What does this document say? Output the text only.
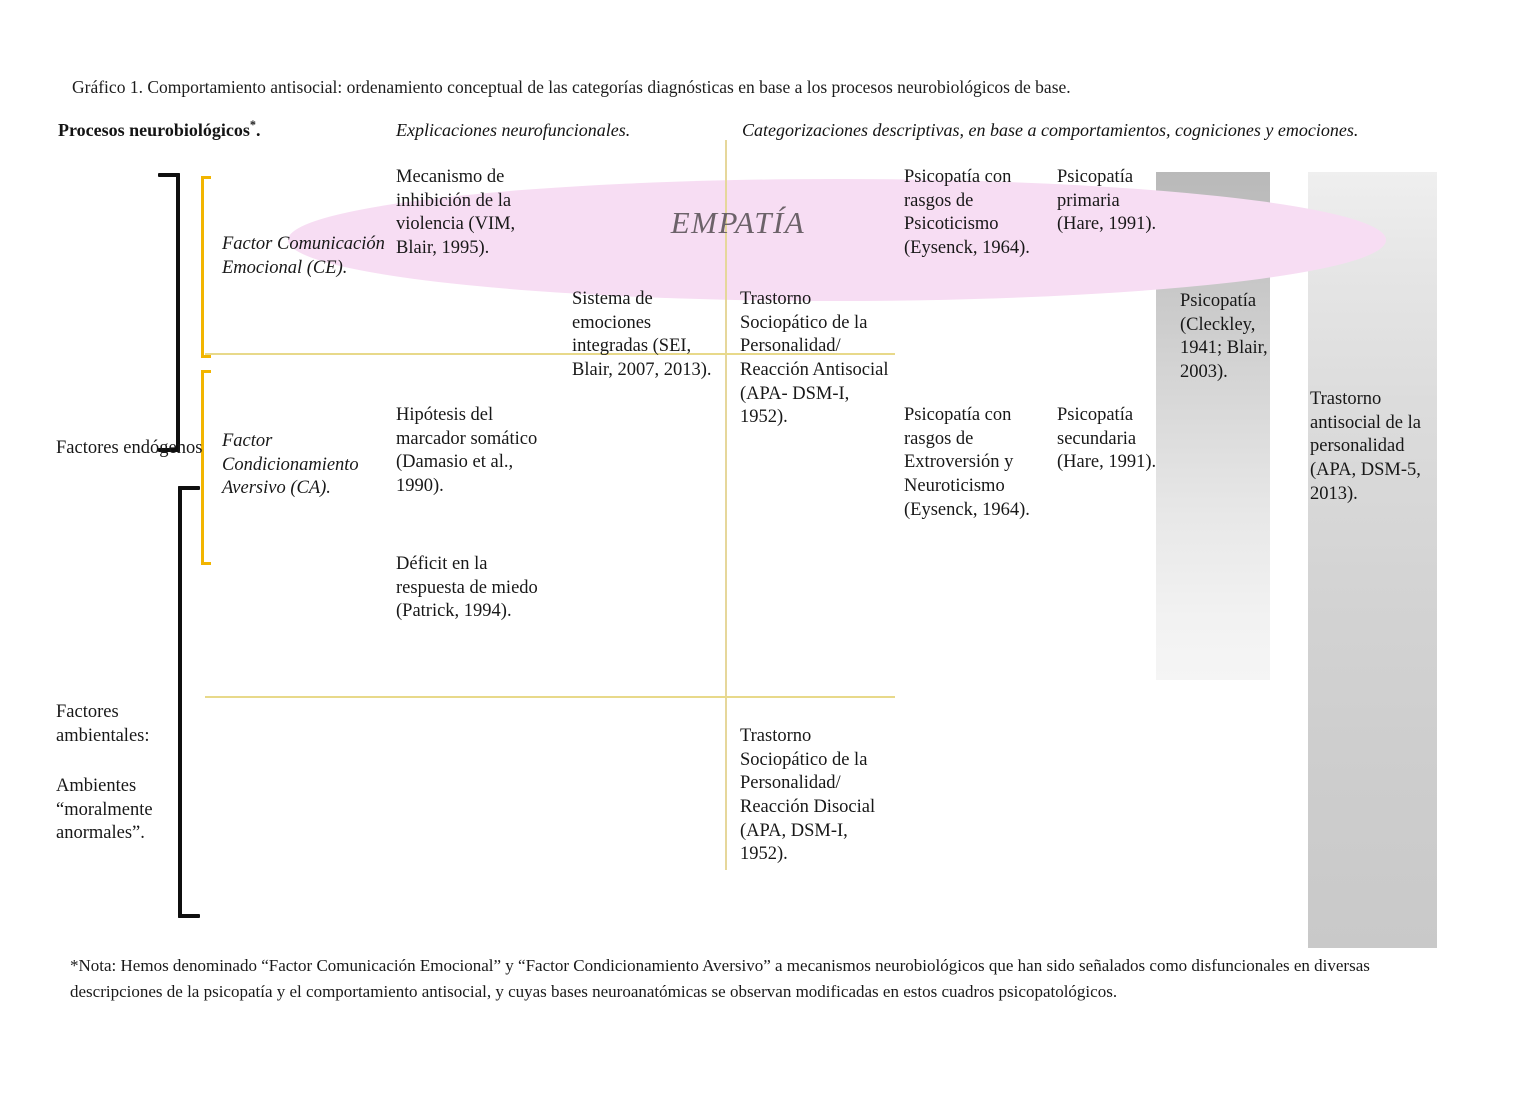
Gráfico 1. Comportamiento antisocial: ordenamiento conceptual de las categorías diagnósticas en base a los procesos neurobiológicos de base.
Procesos neurobiológicos*.	Explicaciones neurofuncionales.	Categorizaciones descriptivas, en base a comportamientos, cogniciones y emociones.
Factores endógenos
Factores ambientales:
Ambientes “moralmente anormales”.
Factor Comunicación Emocional (CE).
Factor Condicionamiento Aversivo (CA).
Mecanismo de inhibición de la violencia (VIM, Blair, 1995).
Sistema de emociones integradas (SEI, Blair, 2007, 2013).
Hipótesis del marcador somático (Damasio et al., 1990).
Déficit en la respuesta de miedo (Patrick, 1994).
Trastorno Sociopático de la Personalidad/ Reacción Antisocial (APA- DSM-I, 1952).
Trastorno Sociopático de la Personalidad/ Reacción Disocial (APA, DSM-I, 1952).
Psicopatía con rasgos de Psicoticismo (Eysenck, 1964).
Psicopatía primaria (Hare, 1991).
Psicopatía con rasgos de Extroversión y Neuroticismo (Eysenck, 1964).
Psicopatía secundaria (Hare, 1991).
Psicopatía (Cleckley, 1941; Blair, 2003).
Trastorno antisocial de la personalidad (APA, DSM-5, 2013).
EMPATÍA
*Nota: Hemos denominado “Factor Comunicación Emocional” y “Factor Condicionamiento Aversivo” a mecanismos neurobiológicos que han sido señalados como disfuncionales en diversas descripciones de la psicopatía y el comportamiento antisocial, y cuyas bases neuroanatómicas se observan modificadas en estos cuadros psicopatológicos.
